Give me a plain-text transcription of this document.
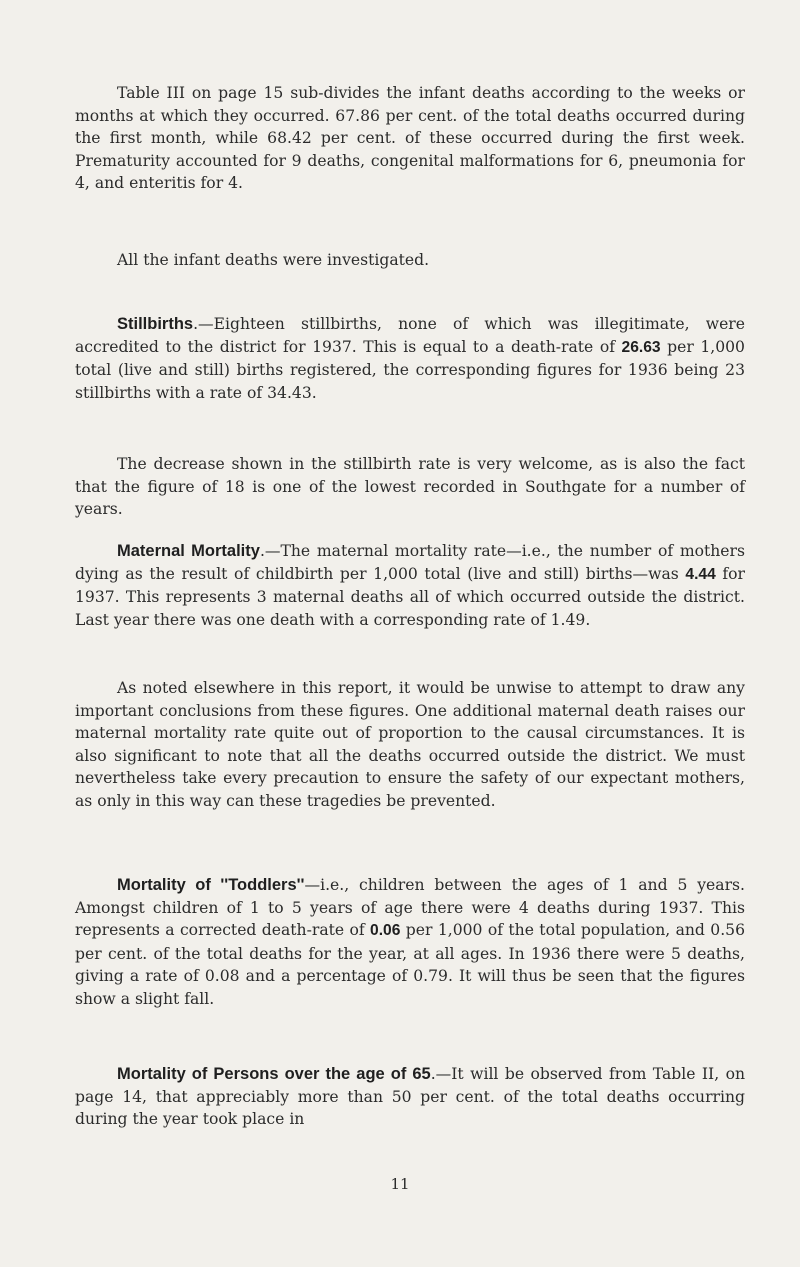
Table III on page 15 sub-divides the infant deaths according to the weeks or months at which they occurred. 67.86 per cent. of the total deaths occurred during the first month, while 68.42 per cent. of these occurred during the first week. Prematurity accounted for 9 deaths, congenital malformations for 6, pneumonia for 4, and enteritis for 4.

All the infant deaths were investigated.

Stillbirths.—Eighteen stillbirths, none of which was illegitimate, were accredited to the district for 1937. This is equal to a death-rate of 26.63 per 1,000 total (live and still) births registered, the corresponding figures for 1936 being 23 stillbirths with a rate of 34.43.

The decrease shown in the stillbirth rate is very welcome, as is also the fact that the figure of 18 is one of the lowest recorded in Southgate for a number of years.

Maternal Mortality.—The maternal mortality rate—i.e., the number of mothers dying as the result of childbirth per 1,000 total (live and still) births—was 4.44 for 1937. This represents 3 maternal deaths all of which occurred outside the district. Last year there was one death with a corresponding rate of 1.49.

As noted elsewhere in this report, it would be unwise to attempt to draw any important conclusions from these figures. One additional maternal death raises our maternal mortality rate quite out of proportion to the causal circumstances. It is also significant to note that all the deaths occurred outside the district. We must nevertheless take every precaution to ensure the safety of our expectant mothers, as only in this way can these tragedies be prevented.

Mortality of ''Toddlers''—i.e., children between the ages of 1 and 5 years. Amongst children of 1 to 5 years of age there were 4 deaths during 1937. This represents a corrected death-rate of 0.06 per 1,000 of the total population, and 0.56 per cent. of the total deaths for the year, at all ages. In 1936 there were 5 deaths, giving a rate of 0.08 and a percentage of 0.79. It will thus be seen that the figures show a slight fall.

Mortality of Persons over the age of 65.—It will be observed from Table II, on page 14, that appreciably more than 50 per cent. of the total deaths occurring during the year took place in

11
